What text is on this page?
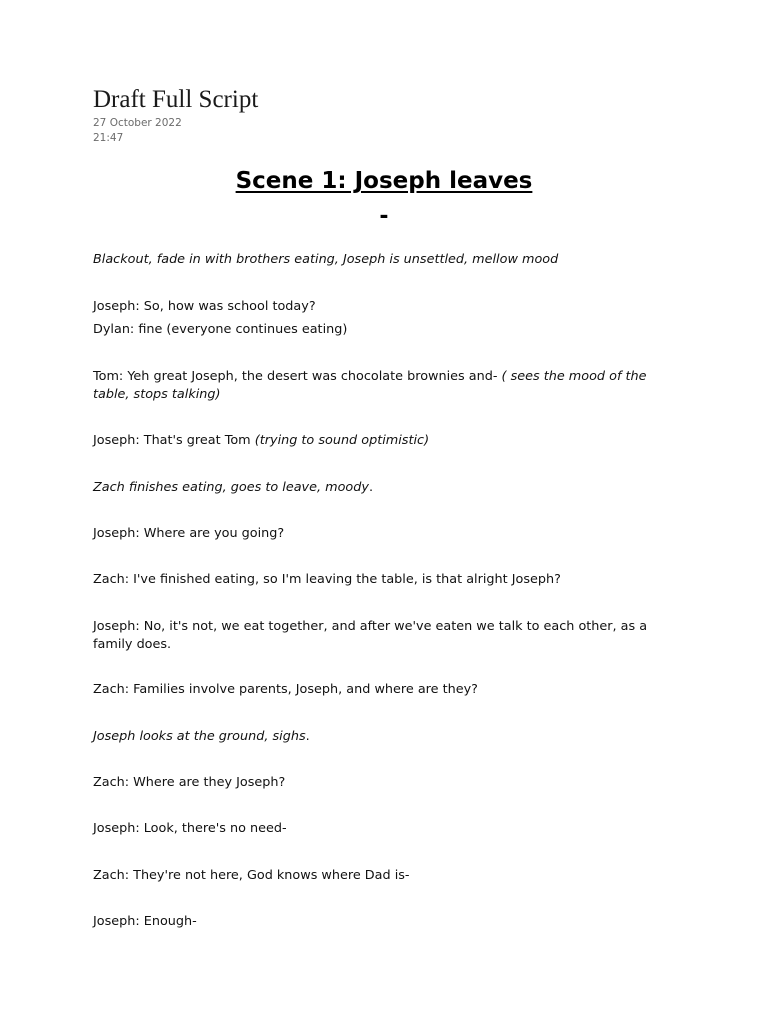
Draft Full Script
27 October 2022
21:47
Scene 1: Joseph leaves
-
Blackout, fade in with brothers eating, Joseph is unsettled, mellow mood
Joseph: So, how was school today?
Dylan: fine (everyone continues eating)
Tom: Yeh great Joseph, the desert was chocolate brownies and- ( sees the mood of the table, stops talking)
Joseph: That's great Tom (trying to sound optimistic)
Zach finishes eating, goes to leave, moody.
Joseph: Where are you going?
Zach: I've finished eating, so I'm leaving the table, is that alright Joseph?
Joseph: No, it's not, we eat together, and after we've eaten we talk to each other, as a family does.
Zach: Families involve parents, Joseph, and where are they?
Joseph looks at the ground, sighs.
Zach: Where are they Joseph?
Joseph: Look, there's no need-
Zach: They're not here, God knows where Dad is-
Joseph: Enough-
